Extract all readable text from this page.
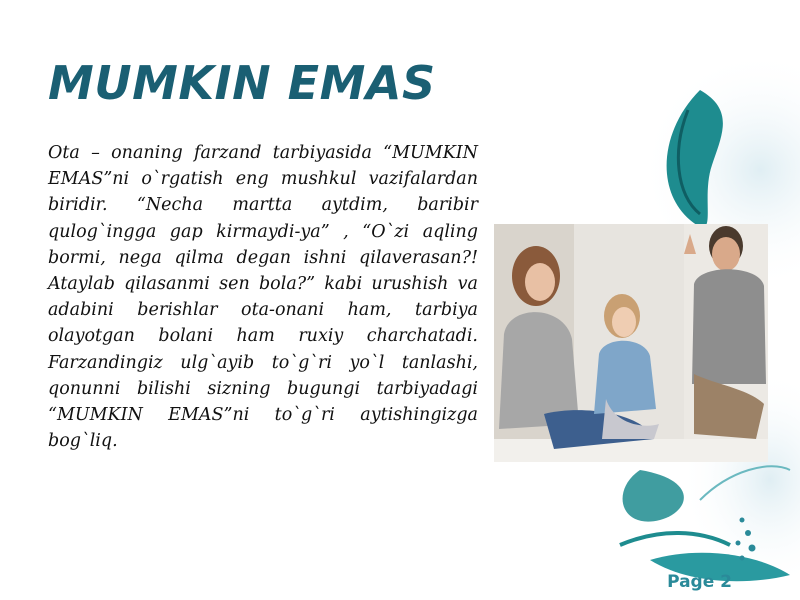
MUMKIN EMAS

Ota – onaning farzand tarbiyasida “MUMKIN EMAS”ni o`rgatish eng mushkul vazifalardan biridir. “Necha martta aytdim, baribir qulog`ingga gap kirmaydi-ya” , “O`zi aqling bormi, nega qilma degan ishni qilaverasan?! Ataylab qilasanmi sen bola?” kabi urushish va adabini berishlar ota-onani ham, tarbiya olayotgan bolani ham ruxiy charchatadi. Farzandingiz ulg`ayib to`g`ri yo`l tanlashi, qonunni bilishi sizning bugungi tarbiyadagi “MUMKIN EMAS”ni to`g`ri aytishingizga bog`liq.

Page 2
